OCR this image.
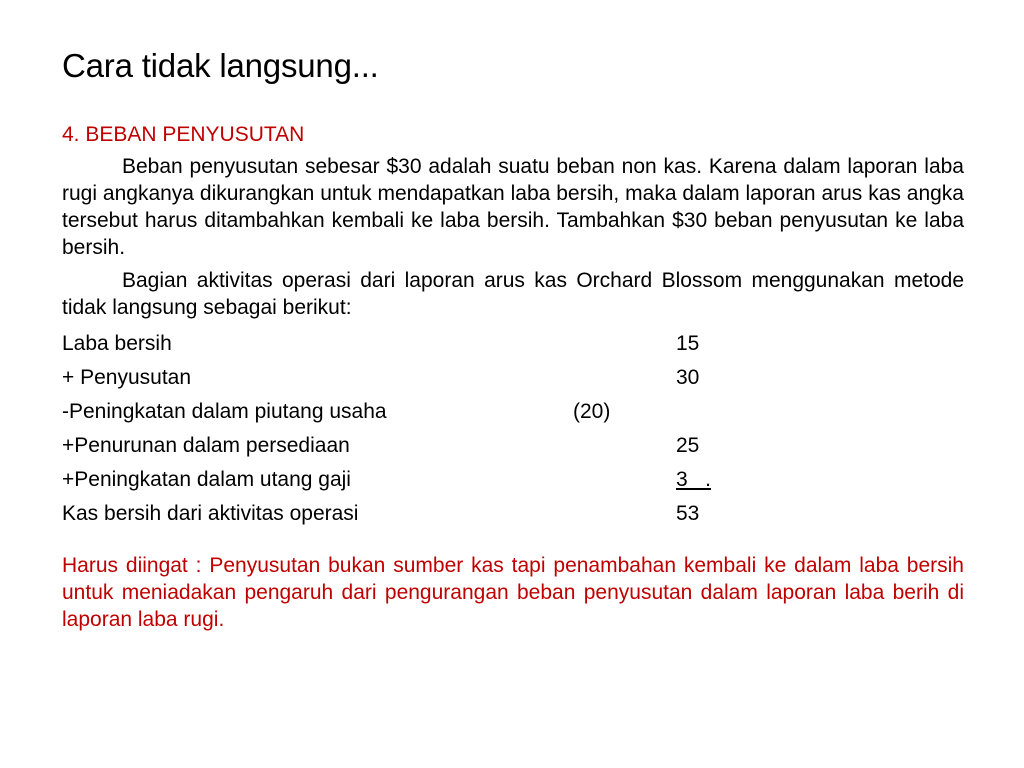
Cara tidak langsung...
4. BEBAN PENYUSUTAN

Beban penyusutan sebesar $30 adalah suatu beban non kas. Karena dalam laporan laba rugi angkanya dikurangkan untuk mendapatkan laba bersih, maka dalam laporan arus kas angka tersebut harus ditambahkan kembali ke laba bersih. Tambahkan $30 beban penyusutan ke laba bersih.

Bagian aktivitas operasi dari laporan arus kas Orchard Blossom menggunakan metode tidak langsung sebagai berikut:

Laba bersih	15
+ Penyusutan	30
-Peningkatan dalam piutang usaha	(20)
+Penurunan dalam persediaan	25
+Peningkatan dalam utang gaji	3   .
Kas bersih dari aktivitas operasi	53

Harus diingat : Penyusutan bukan sumber kas tapi penambahan kembali ke dalam laba bersih untuk meniadakan pengaruh dari pengurangan beban penyusutan dalam laporan laba berih di laporan laba rugi.
